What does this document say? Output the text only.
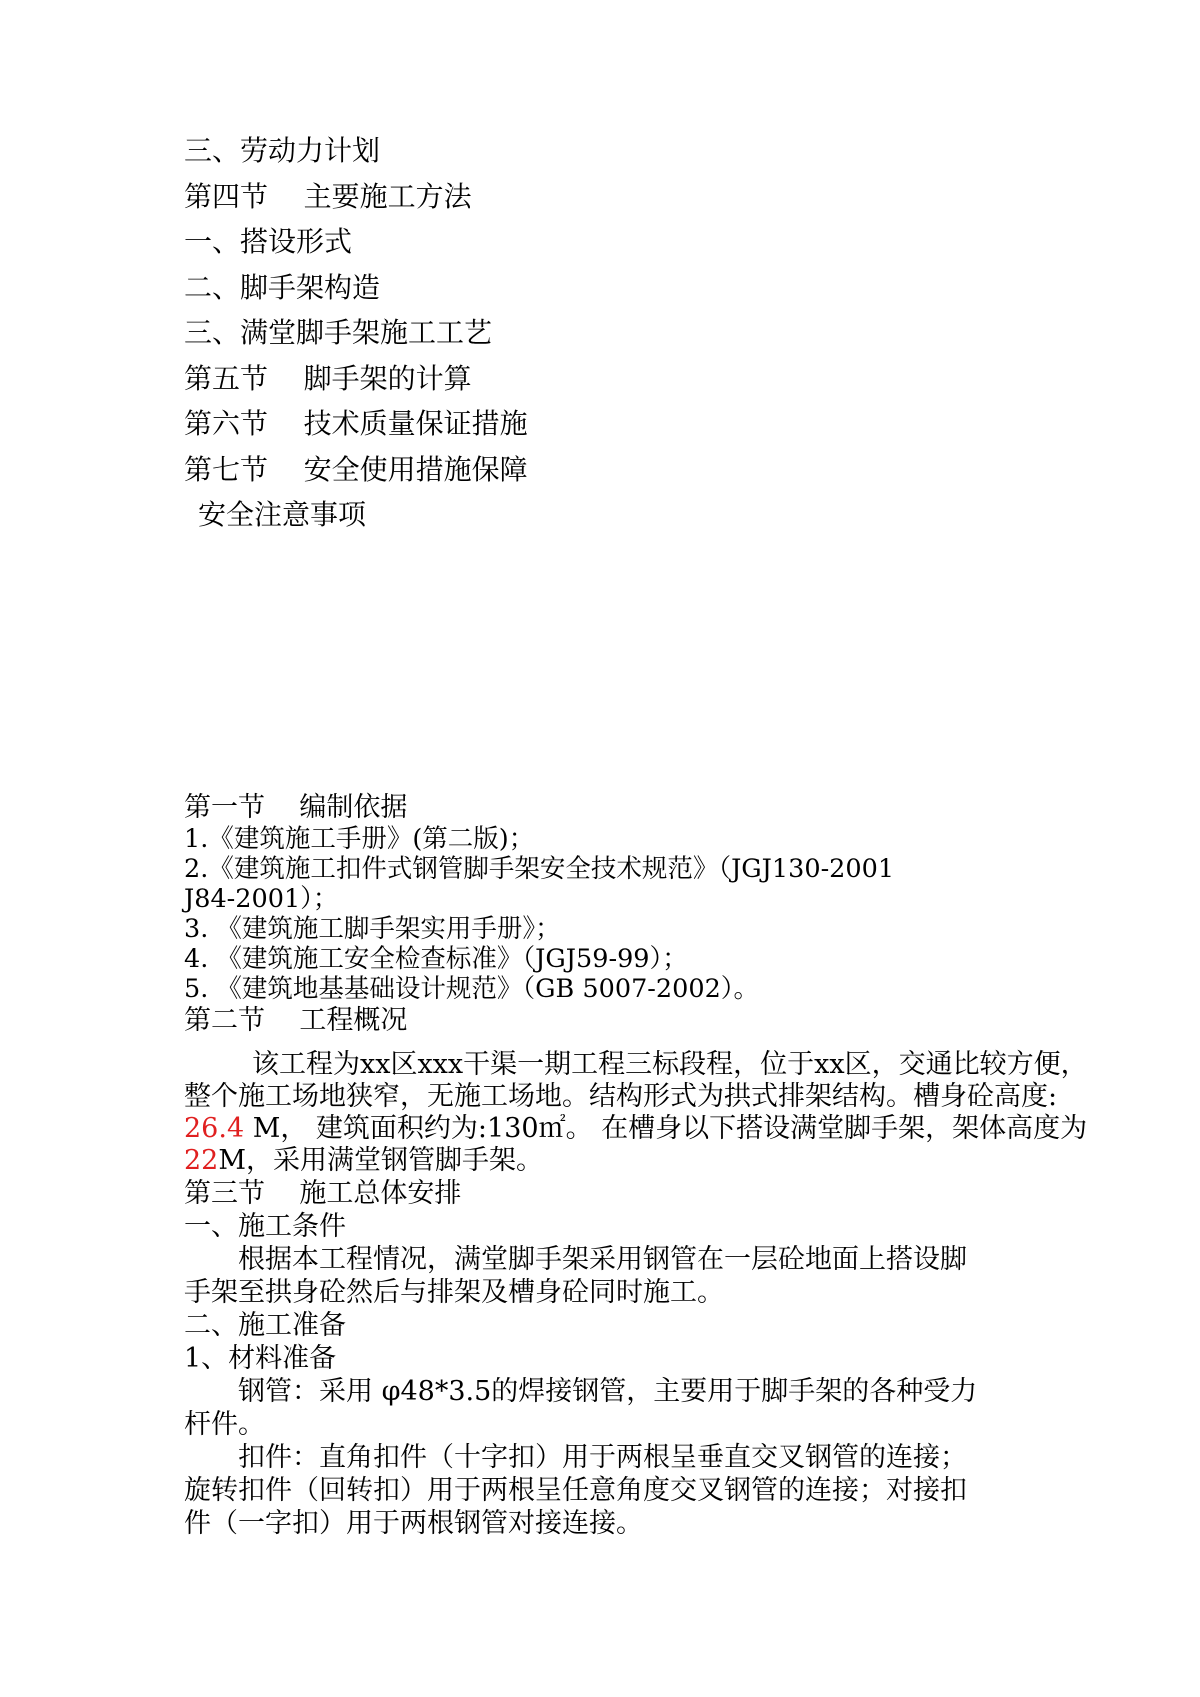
三、劳动力计划
第四节    主要施工方法
一、搭设形式
二、脚手架构造
三、满堂脚手架施工工艺
第五节    脚手架的计算
第六节    技术质量保证措施
第七节    安全使用措施保障
安全注意事项
第一节    编制依据
1.《建筑施工手册》(第二版)；
2.《建筑施工扣件式钢管脚手架安全技术规范》（JGJ130-2001
J84-2001）；
3. 《建筑施工脚手架实用手册》；
4. 《建筑施工安全检查标准》（JGJ59-99）；
5. 《建筑地基基础设计规范》（GB 5007-2002）。
第二节    工程概况
该工程为xx区xxx干渠一期工程三标段程，位于xx区，交通比较方便，
整个施工场地狭窄，无施工场地。结构形式为拱式排架结构。槽身砼高度:
26.4 M， 建筑面积约为:130㎡。 在槽身以下搭设满堂脚手架，架体高度为
22M，采用满堂钢管脚手架。
第三节    施工总体安排
一、施工条件
根据本工程情况，满堂脚手架采用钢管在一层砼地面上搭设脚
手架至拱身砼然后与排架及槽身砼同时施工。
二、施工准备
1、材料准备
钢管：采用 φ48*3.5的焊接钢管，主要用于脚手架的各种受力
杆件。
扣件：直角扣件（十字扣）用于两根呈垂直交叉钢管的连接；
旋转扣件（回转扣）用于两根呈任意角度交叉钢管的连接；对接扣
件（一字扣）用于两根钢管对接连接。
